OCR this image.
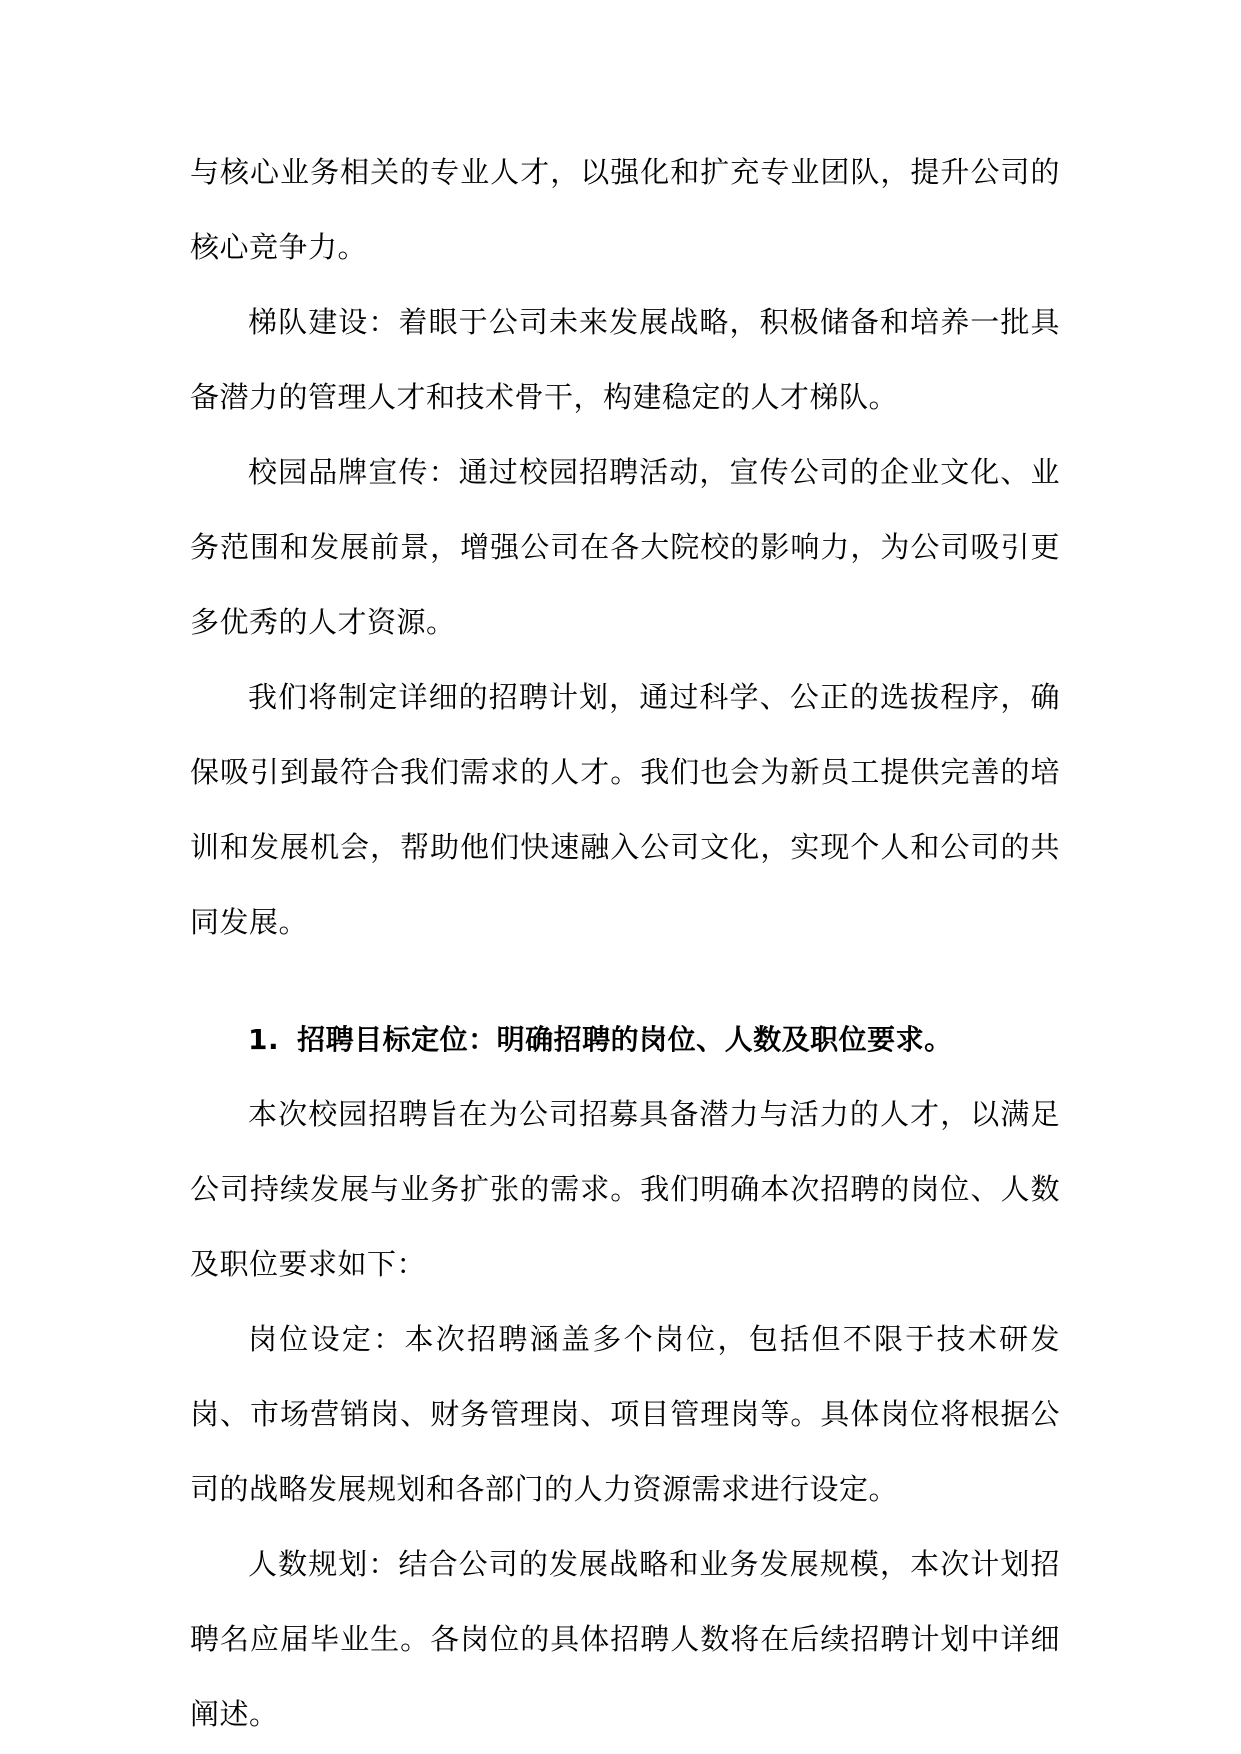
与核心业务相关的专业人才，以强化和扩充专业团队，提升公司的核心竞争力。

梯队建设：着眼于公司未来发展战略，积极储备和培养一批具备潜力的管理人才和技术骨干，构建稳定的人才梯队。

校园品牌宣传：通过校园招聘活动，宣传公司的企业文化、业务范围和发展前景，增强公司在各大院校的影响力，为公司吸引更多优秀的人才资源。

我们将制定详细的招聘计划，通过科学、公正的选拔程序，确保吸引到最符合我们需求的人才。我们也会为新员工提供完善的培训和发展机会，帮助他们快速融入公司文化，实现个人和公司的共同发展。

1. 招聘目标定位：明确招聘的岗位、人数及职位要求。

本次校园招聘旨在为公司招募具备潜力与活力的人才，以满足公司持续发展与业务扩张的需求。我们明确本次招聘的岗位、人数及职位要求如下：

岗位设定：本次招聘涵盖多个岗位，包括但不限于技术研发岗、市场营销岗、财务管理岗、项目管理岗等。具体岗位将根据公司的战略发展规划和各部门的人力资源需求进行设定。

人数规划：结合公司的发展战略和业务发展规模，本次计划招聘名应届毕业生。各岗位的具体招聘人数将在后续招聘计划中详细阐述。
